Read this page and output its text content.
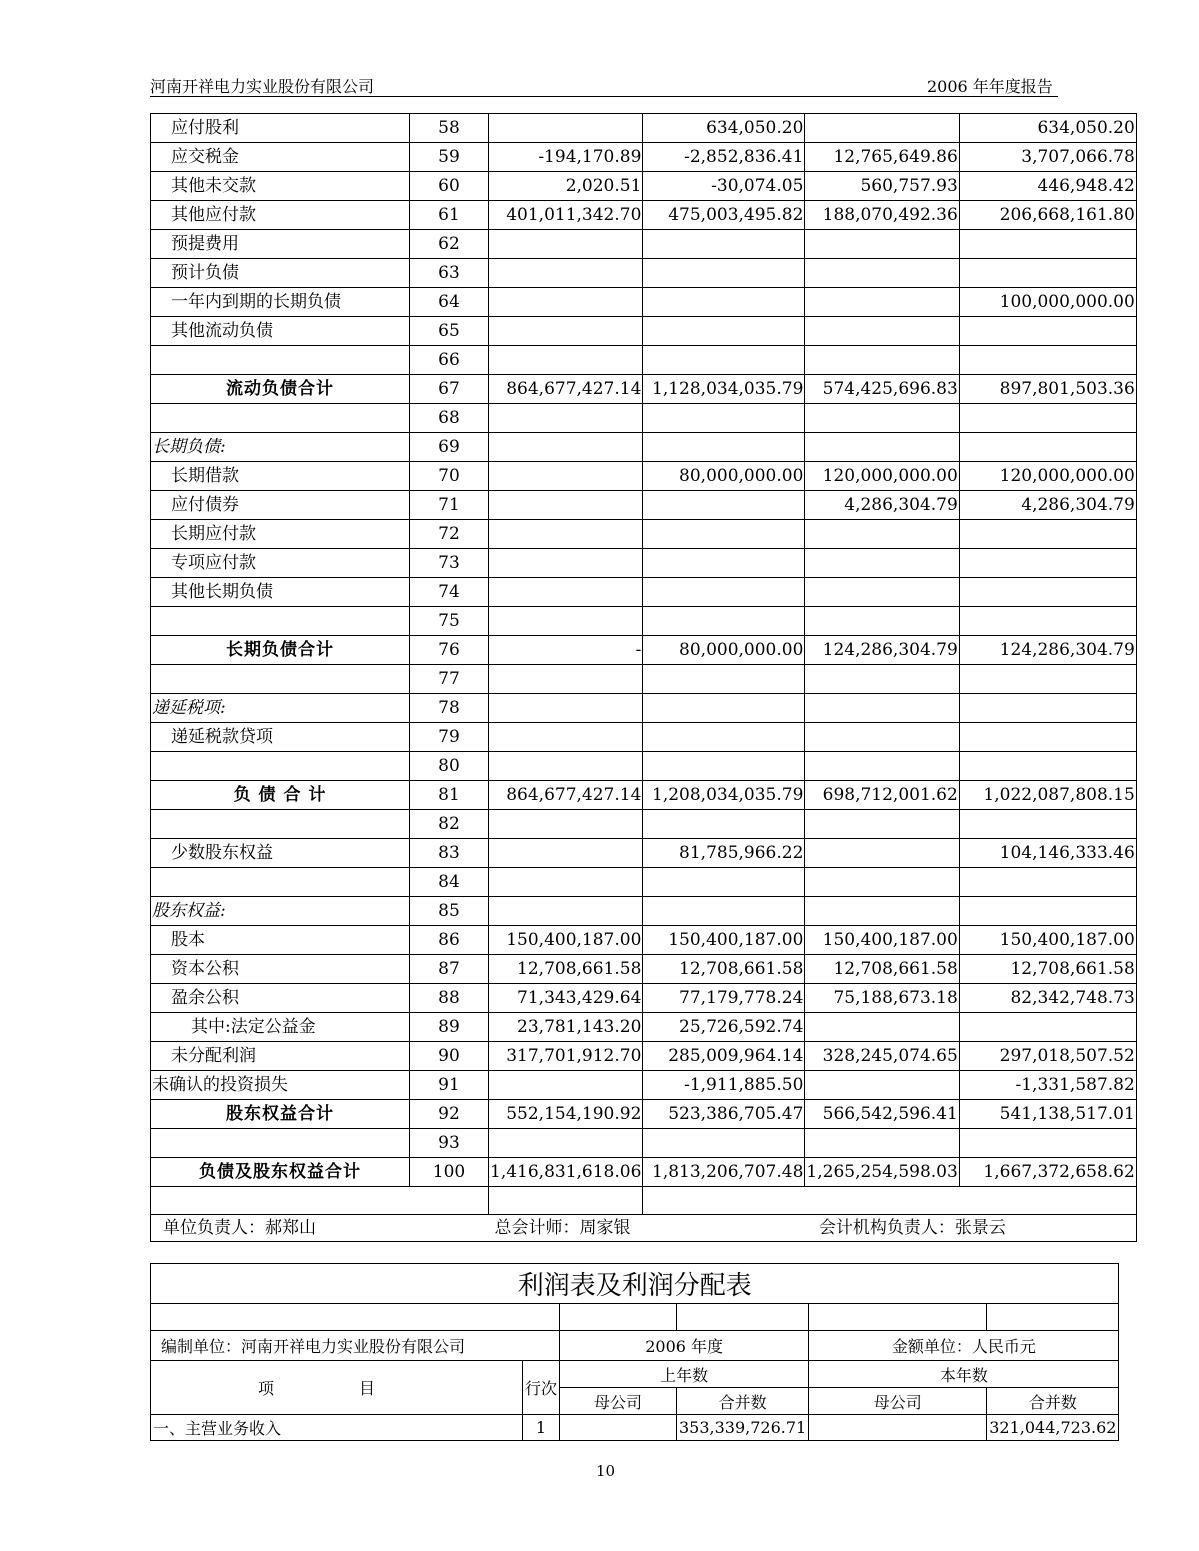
河南开祥电力实业股份有限公司	2006 年年度报告
应付股利	58		634,050.20		634,050.20
应交税金	59	-194,170.89	-2,852,836.41	12,765,649.86	3,707,066.78
其他未交款	60	2,020.51	-30,074.05	560,757.93	446,948.42
其他应付款	61	401,011,342.70	475,003,495.82	188,070,492.36	206,668,161.80
预提费用	62				
预计负债	63				
一年内到期的长期负债	64				100,000,000.00
其他流动负债	65				
	66				
流动负债合计	67	864,677,427.14	1,128,034,035.79	574,425,696.83	897,801,503.36
	68				
长期负债:	69				
长期借款	70		80,000,000.00	120,000,000.00	120,000,000.00
应付债券	71			4,286,304.79	4,286,304.79
长期应付款	72				
专项应付款	73				
其他长期负债	74				
	75				
长期负债合计	76	-	80,000,000.00	124,286,304.79	124,286,304.79
	77				
递延税项:	78				
递延税款贷项	79				
	80				
负 债 合 计	81	864,677,427.14	1,208,034,035.79	698,712,001.62	1,022,087,808.15
	82				
少数股东权益	83		81,785,966.22		104,146,333.46
	84				
股东权益:	85				
股本	86	150,400,187.00	150,400,187.00	150,400,187.00	150,400,187.00
资本公积	87	12,708,661.58	12,708,661.58	12,708,661.58	12,708,661.58
盈余公积	88	71,343,429.64	77,179,778.24	75,188,673.18	82,342,748.73
其中:法定公益金	89	23,781,143.20	25,726,592.74		
未分配利润	90	317,701,912.70	285,009,964.14	328,245,074.65	297,018,507.52
未确认的投资损失	91		-1,911,885.50		-1,331,587.82
股东权益合计	92	552,154,190.92	523,386,705.47	566,542,596.41	541,138,517.01
	93				
负债及股东权益合计	100	1,416,831,618.06	1,813,206,707.48	1,265,254,598.03	1,667,372,658.62

单位负责人：郝郑山		总会计师：周家银		会计机构负责人：张景云	
利润表及利润分配表					

编制单位：河南开祥电力实业股份有限公司		2006 年度		金额单位：人民币元	
项 目	行次	上年数		本年数	
		母公司	合并数	母公司	合并数
一、主营业务收入	1		353,339,726.71		321,044,723.62
10
